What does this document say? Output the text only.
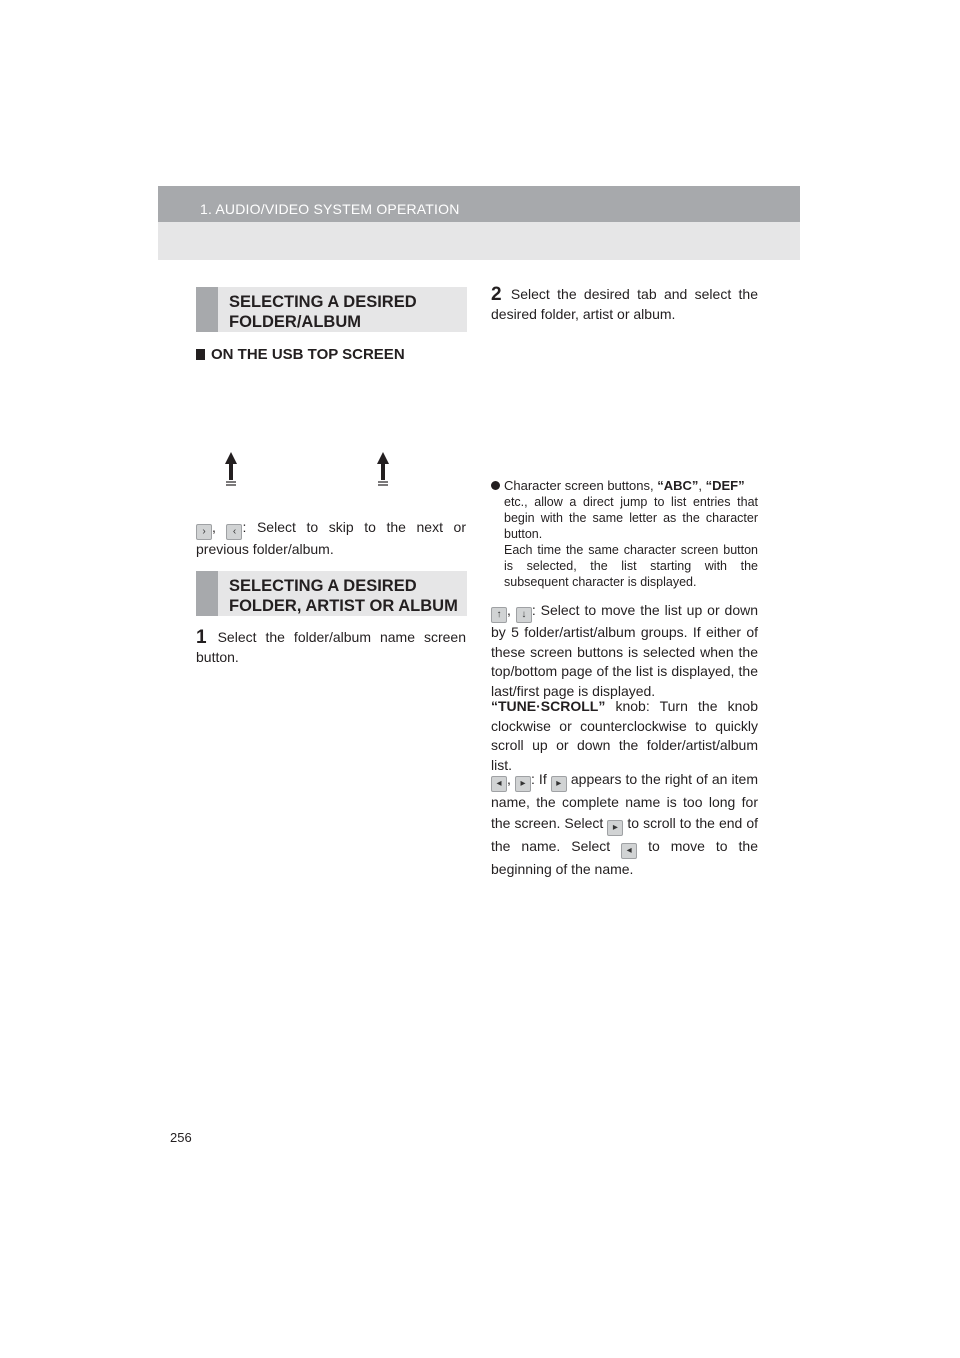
1. AUDIO/VIDEO SYSTEM OPERATION
SELECTING A DESIRED
FOLDER/ALBUM
ON THE USB TOP SCREEN
› , ‹ : Select to skip to the next or previous folder/album.
SELECTING A DESIRED
FOLDER, ARTIST OR ALBUM
1 Select the folder/album name screen button.
2 Select the desired tab and select the desired folder, artist or album.
Character screen buttons, “ABC”, “DEF”
etc., allow a direct jump to list entries that begin with the same letter as the character button.
Each time the same character screen button is selected, the list starting with the subsequent character is displayed.
↑ , ↓ : Select to move the list up or down by 5 folder/artist/album groups. If either of these screen buttons is selected when the top/bottom page of the list is displayed, the last/first page is displayed.
“TUNE·SCROLL” knob: Turn the knob clockwise or counterclockwise to quickly scroll up or down the folder/artist/album list.
◂ , ▸ : If ▸ appears to the right of an item name, the complete name is too long for the screen. Select ▸ to scroll to the end of the name. Select ◂ to move to the beginning of the name.
256
